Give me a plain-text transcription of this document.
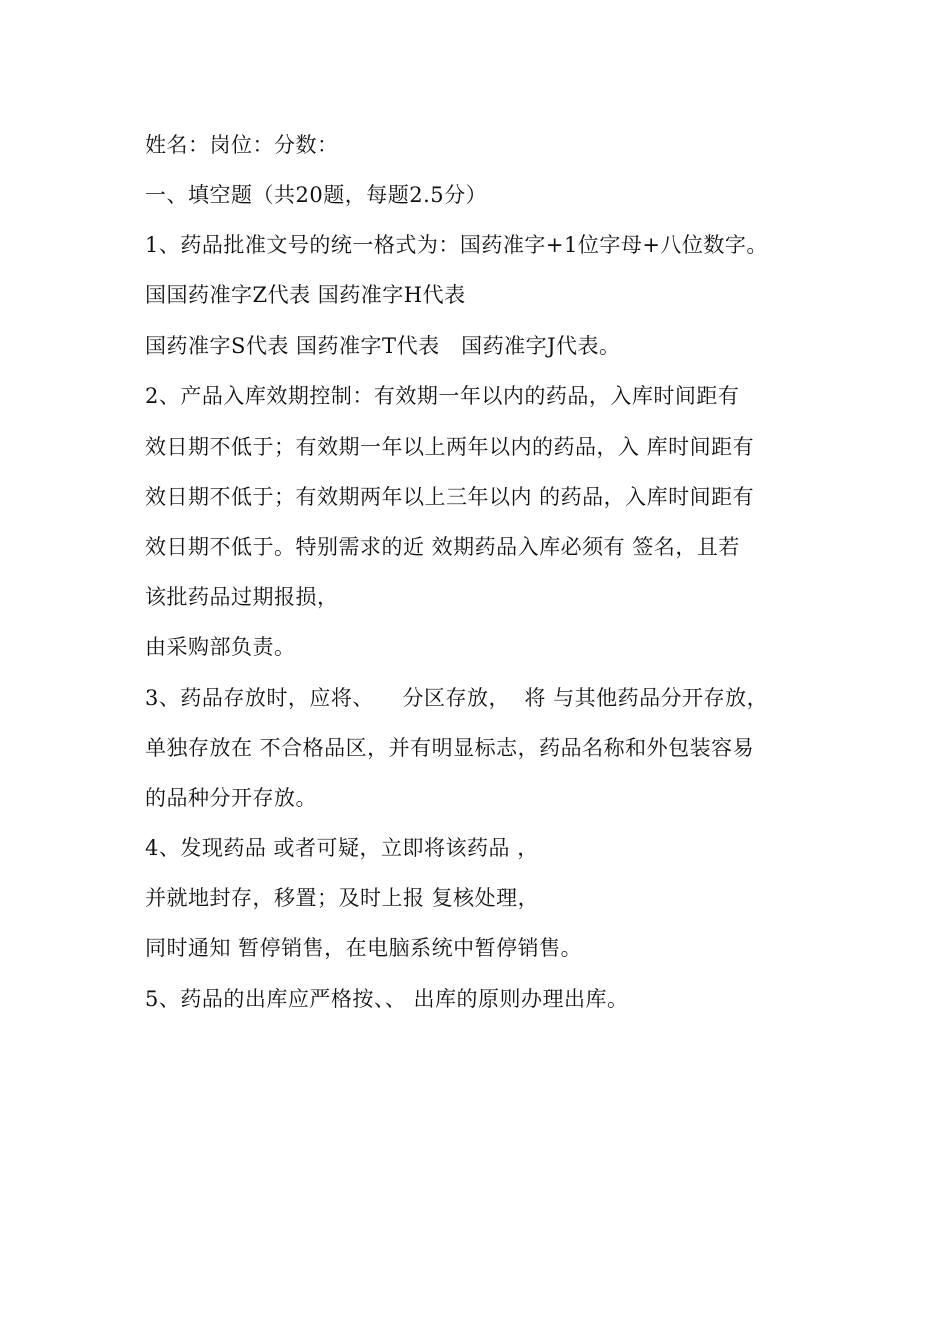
姓名：岗位：分数：
一、填空题（共20题，每题2.5分）
1、药品批准文号的统一格式为：国药准字+1位字母+八位数字。
国国药准字Z代表 国药准字H代表
国药准字S代表 国药准字T代表   国药准字J代表。
2、产品入库效期控制：有效期一年以内的药品，入库时间距有
效日期不低于；有效期一年以上两年以内的药品，入 库时间距有
效日期不低于；有效期两年以上三年以内 的药品，入库时间距有
效日期不低于。特别需求的近 效期药品入库必须有 签名，且若
该批药品过期报损，
由采购部负责。
3、药品存放时，应将、    分区存放，  将 与其他药品分开存放，
单独存放在 不合格品区，并有明显标志，药品名称和外包装容易
的品种分开存放。
4、发现药品 或者可疑，立即将该药品 ，
并就地封存，移置；及时上报 复核处理，
同时通知 暂停销售，在电脑系统中暂停销售。
5、药品的出库应严格按、、 出库的原则办理出库。
